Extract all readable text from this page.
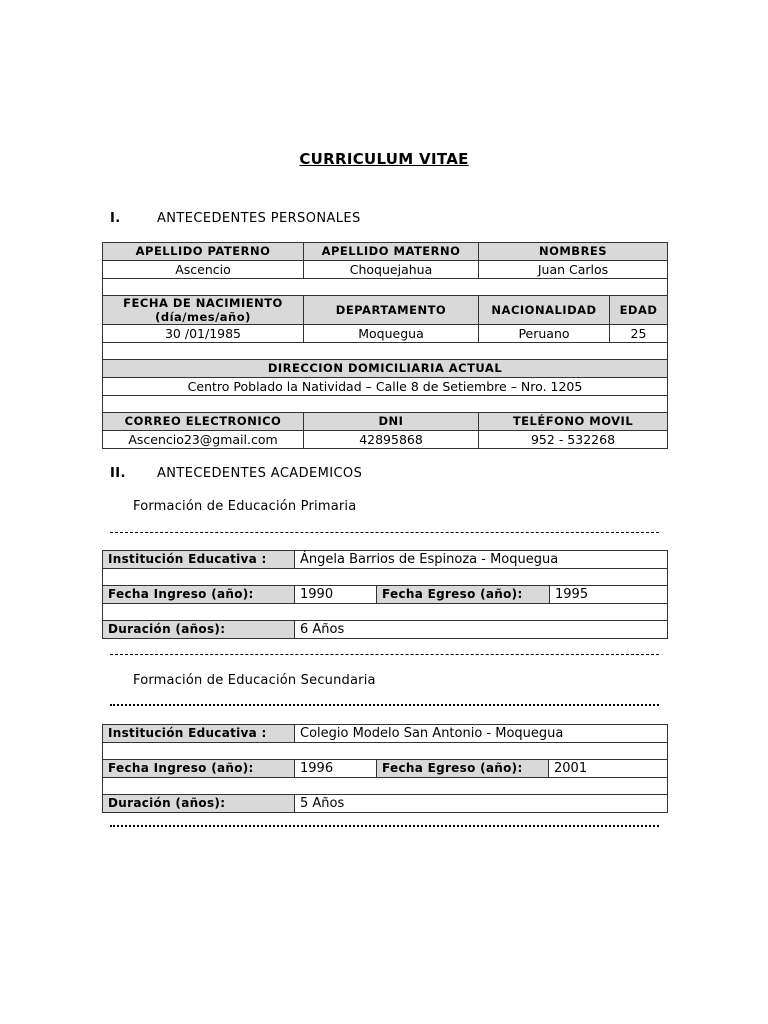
CURRICULUM VITAE
I.	ANTECEDENTES PERSONALES
APELLIDO PATERNO	APELLIDO MATERNO	NOMBRES	
Ascencio	Choquejahua	Juan Carlos	

FECHA DE NACIMIENTO
(día/mes/año)	DEPARTAMENTO	NACIONALIDAD	EDAD
30 /01/1985	Moquegua	Peruano	25

DIRECCION DOMICILIARIA ACTUAL			
Centro Poblado la Natividad – Calle 8 de Setiembre – Nro. 1205			

CORREO ELECTRONICO	DNI	TELÉFONO MOVIL	
Ascencio23@gmail.com	42895868	952 - 532268	
II. ANTECEDENTES ACADEMICOS
Formación de Educación Primaria
Institución Educativa :	Ángela Barrios de Espinoza - Moquegua		

Fecha Ingreso (año):	1990	Fecha Egreso (año):	1995

Duración (años):	6 Años		
Formación de Educación Secundaria
Institución Educativa :	Colegio Modelo San Antonio - Moquegua		

Fecha Ingreso (año):	1996	Fecha Egreso (año):	2001

Duración (años):	5 Años		
